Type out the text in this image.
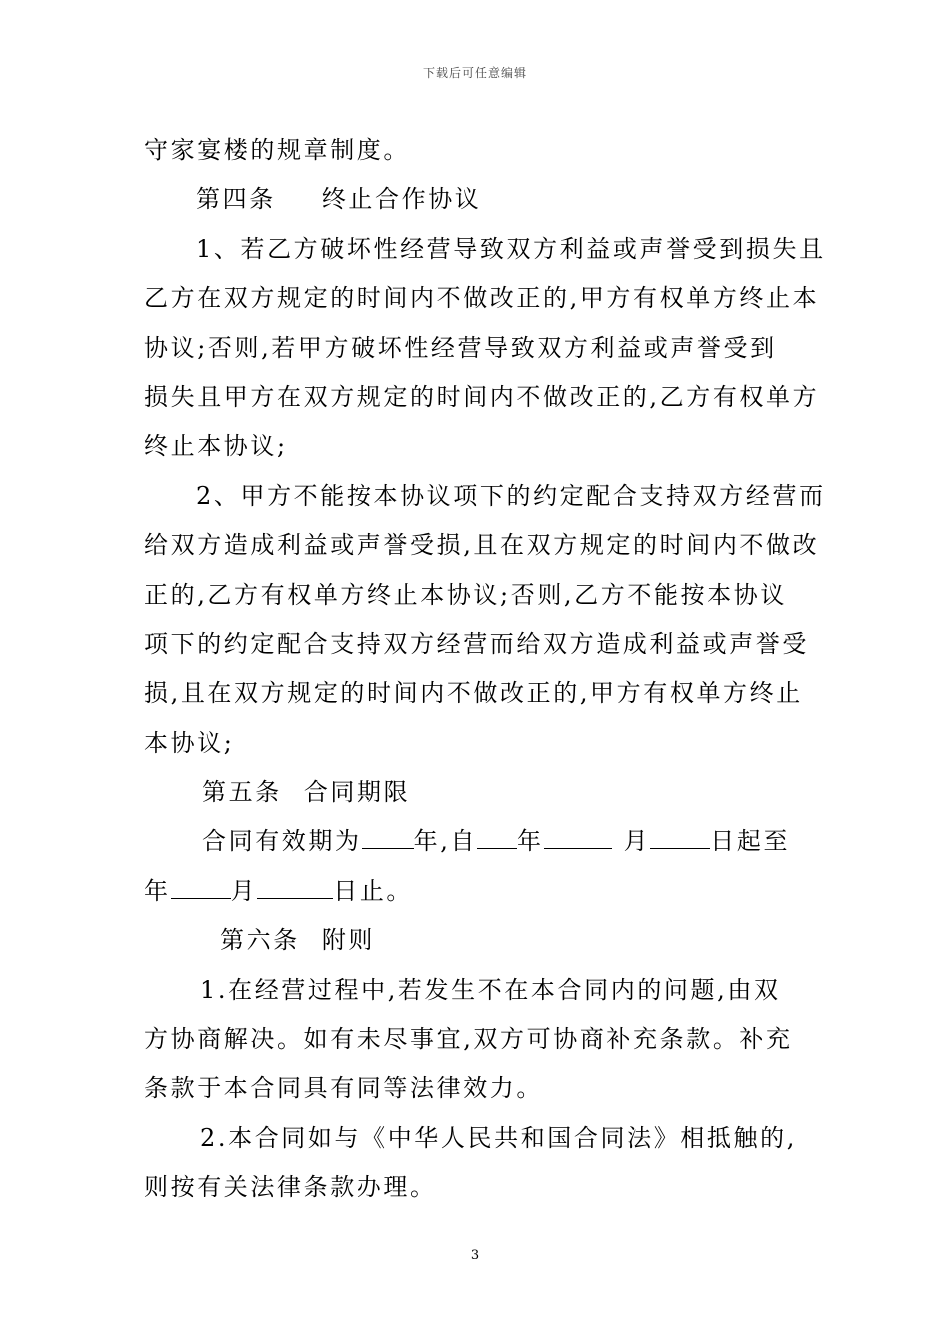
下载后可任意编辑
守家宴楼的规章制度。
第四条 终止合作协议
1、若乙方破坏性经营导致双方利益或声誉受到损失且
乙方在双方规定的时间内不做改正的,甲方有权单方终止本
协议;否则,若甲方破坏性经营导致双方利益或声誉受到
损失且甲方在双方规定的时间内不做改正的,乙方有权单方
终止本协议;
2、甲方不能按本协议项下的约定配合支持双方经营而
给双方造成利益或声誉受损,且在双方规定的时间内不做改
正的,乙方有权单方终止本协议;否则,乙方不能按本协议
项下的约定配合支持双方经营而给双方造成利益或声誉受
损,且在双方规定的时间内不做改正的,甲方有权单方终止
本协议;
第五条 合同期限
合同有效期为 年,自 年	月	日起至
年	月	日止。
第六条 附则
1.在经营过程中,若发生不在本合同内的问题,由双
方协商解决。如有未尽事宜,双方可协商补充条款。补充
条款于本合同具有同等法律效力。
2.本合同如与《中华人民共和国合同法》相抵触的,
则按有关法律条款办理。
3
